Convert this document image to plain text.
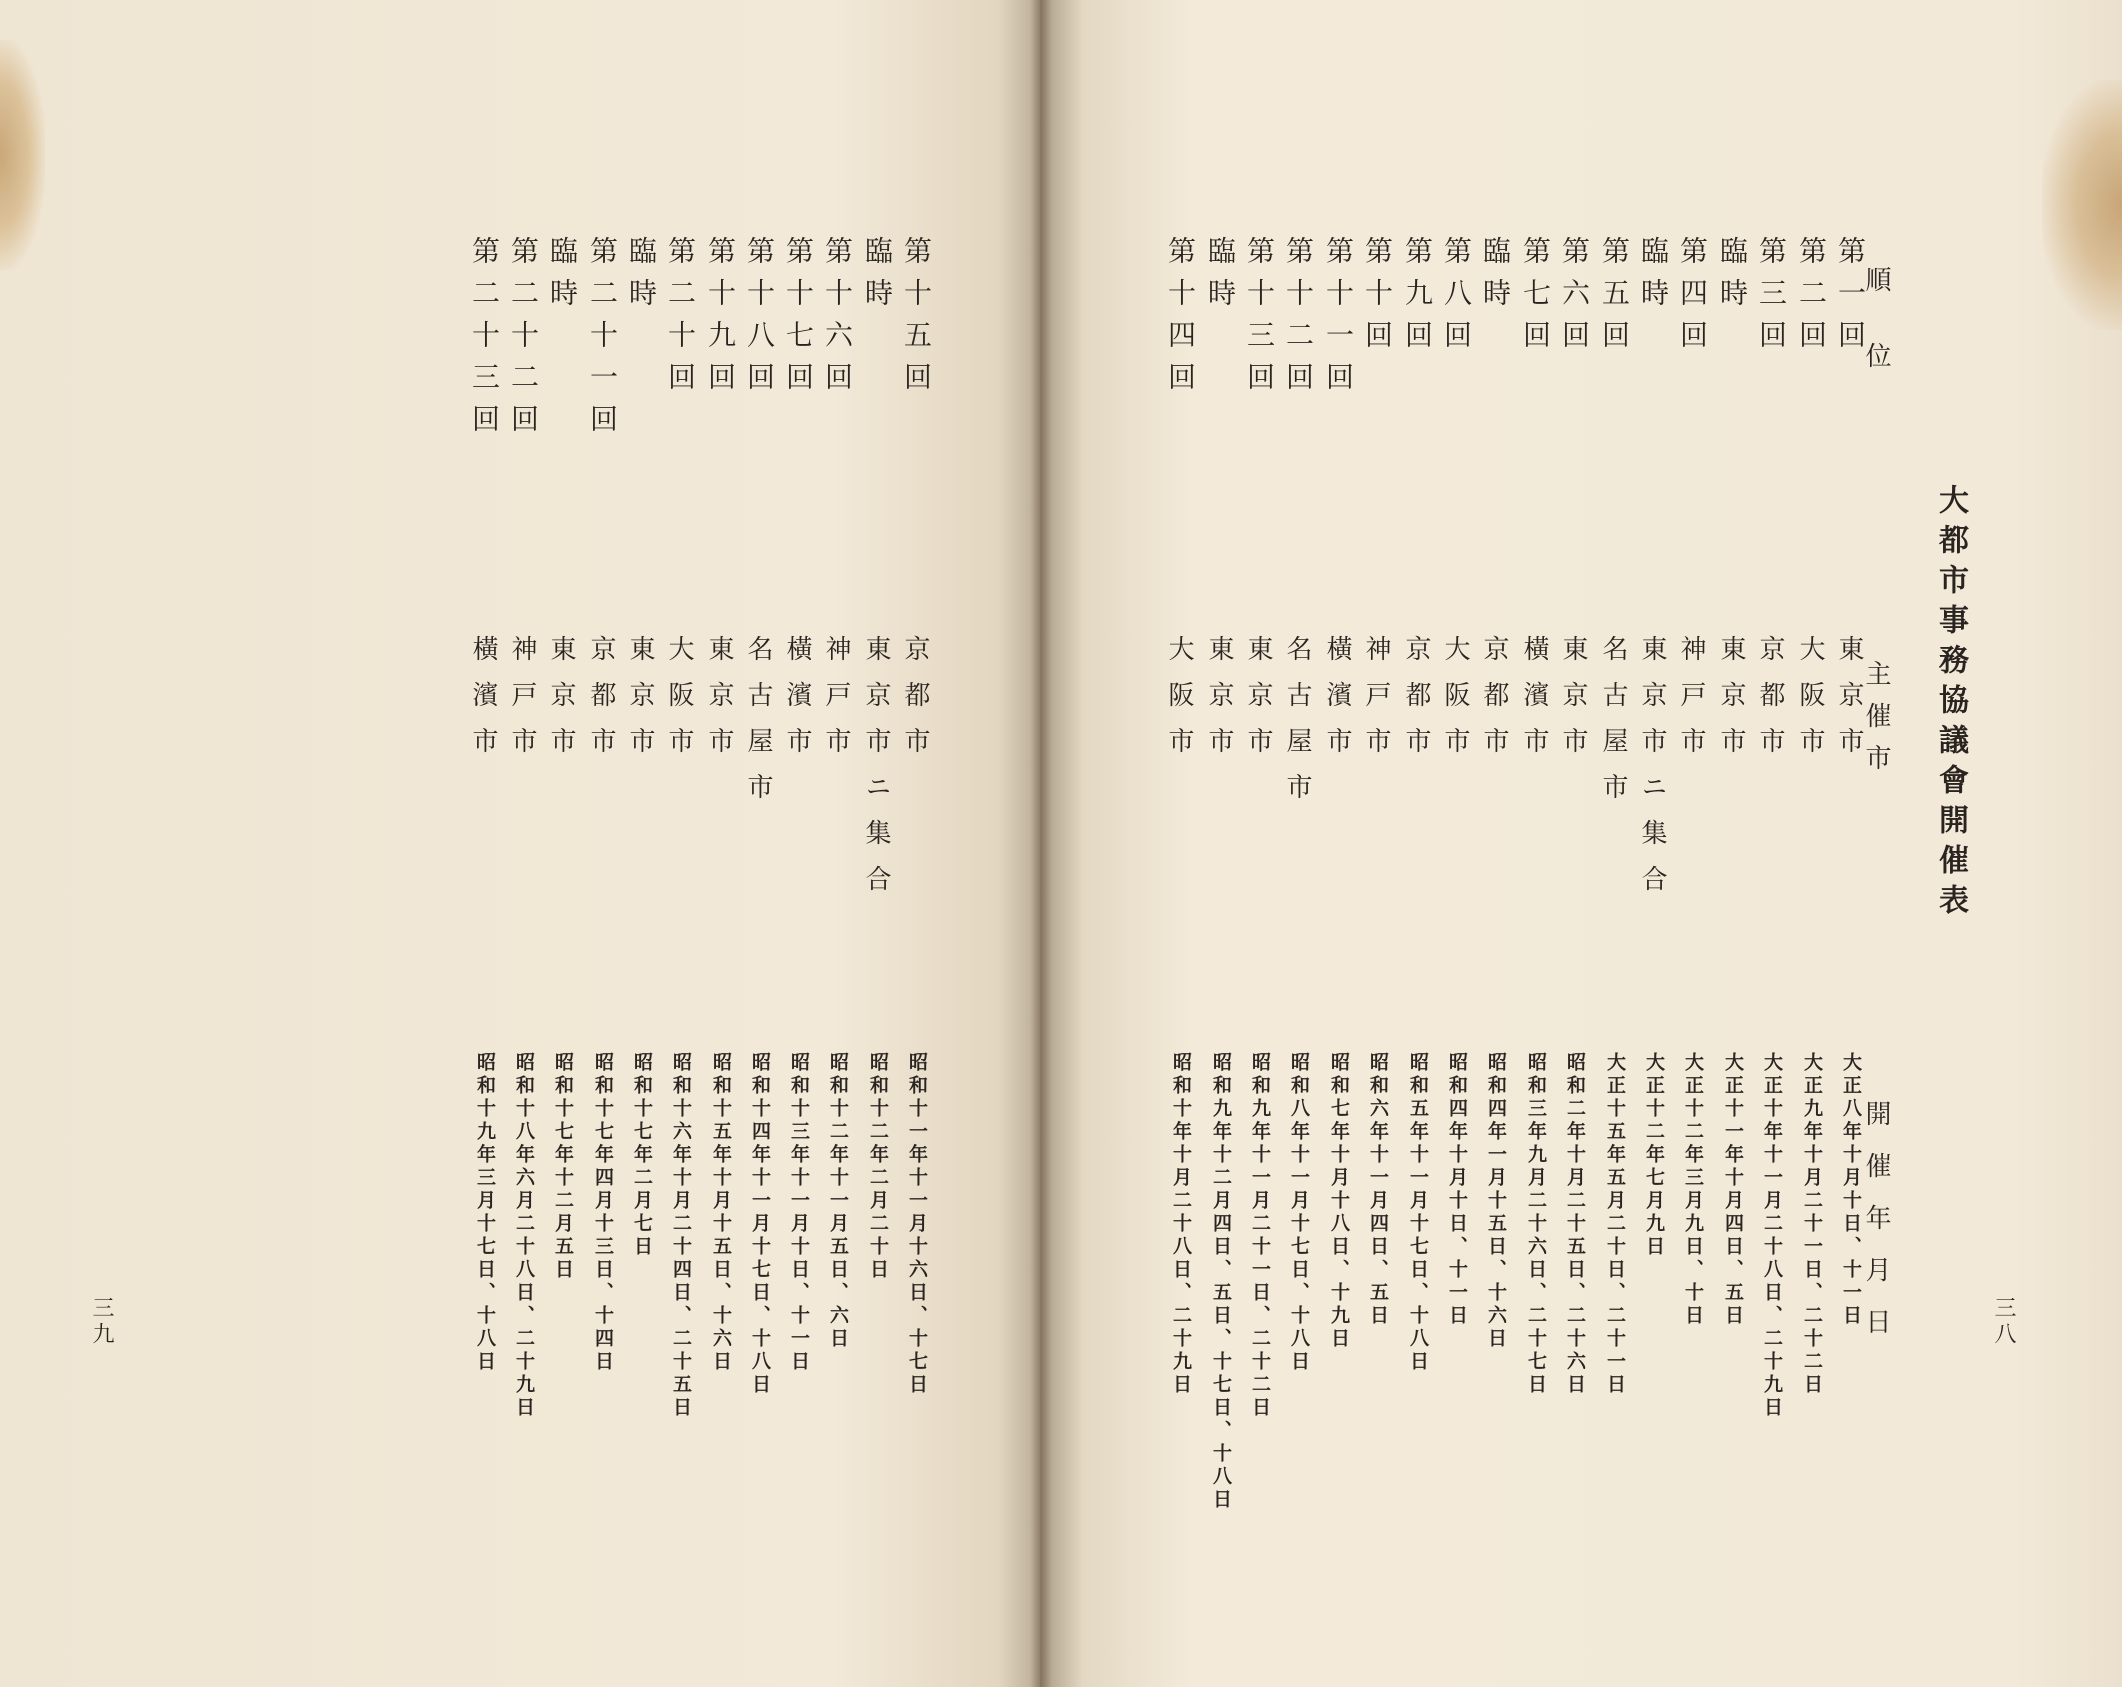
大都市事務協議會開催表
順位
主催市
開催年月日	三八
三九
第一回
東京市
大正八年十月十日、十一日
第二回
大阪市
大正九年十月二十一日、二十二日
第三回
京都市
大正十年十一月二十八日、二十九日
臨時
東京市
大正十一年十月四日、五日
第四回
神戸市
大正十二年三月九日、十日
臨時
東京市ニ集合
大正十二年七月九日
第五回
名古屋市
大正十五年五月二十日、二十一日
第六回
東京市
昭和二年十月二十五日、二十六日
第七回
橫濱市
昭和三年九月二十六日、二十七日
臨時
京都市
昭和四年一月十五日、十六日
第八回
大阪市
昭和四年十月十日、十一日
第九回
京都市
昭和五年十一月十七日、十八日
第十回
神戸市
昭和六年十一月四日、五日
第十一回
橫濱市
昭和七年十月十八日、十九日
第十二回
名古屋市
昭和八年十一月十七日、十八日
第十三回
東京市
昭和九年十一月二十一日、二十二日
臨時
東京市
昭和九年十二月四日、五日、十七日、十八日
第十四回
大阪市
昭和十年十月二十八日、二十九日
第十五回
京都市
昭和十一年十一月十六日、十七日
臨時
東京市ニ集合
昭和十二年二月二十日
第十六回
神戸市
昭和十二年十一月五日、六日
第十七回
橫濱市
昭和十三年十一月十日、十一日
第十八回
名古屋市
昭和十四年十一月十七日、十八日
第十九回
東京市
昭和十五年十月十五日、十六日
第二十回
大阪市
昭和十六年十月二十四日、二十五日
臨時
東京市
昭和十七年二月七日
第二十一回
京都市
昭和十七年四月十三日、十四日
臨時
東京市
昭和十七年十二月五日
第二十二回
神戸市
昭和十八年六月二十八日、二十九日
第二十三回
橫濱市
昭和十九年三月十七日、十八日
